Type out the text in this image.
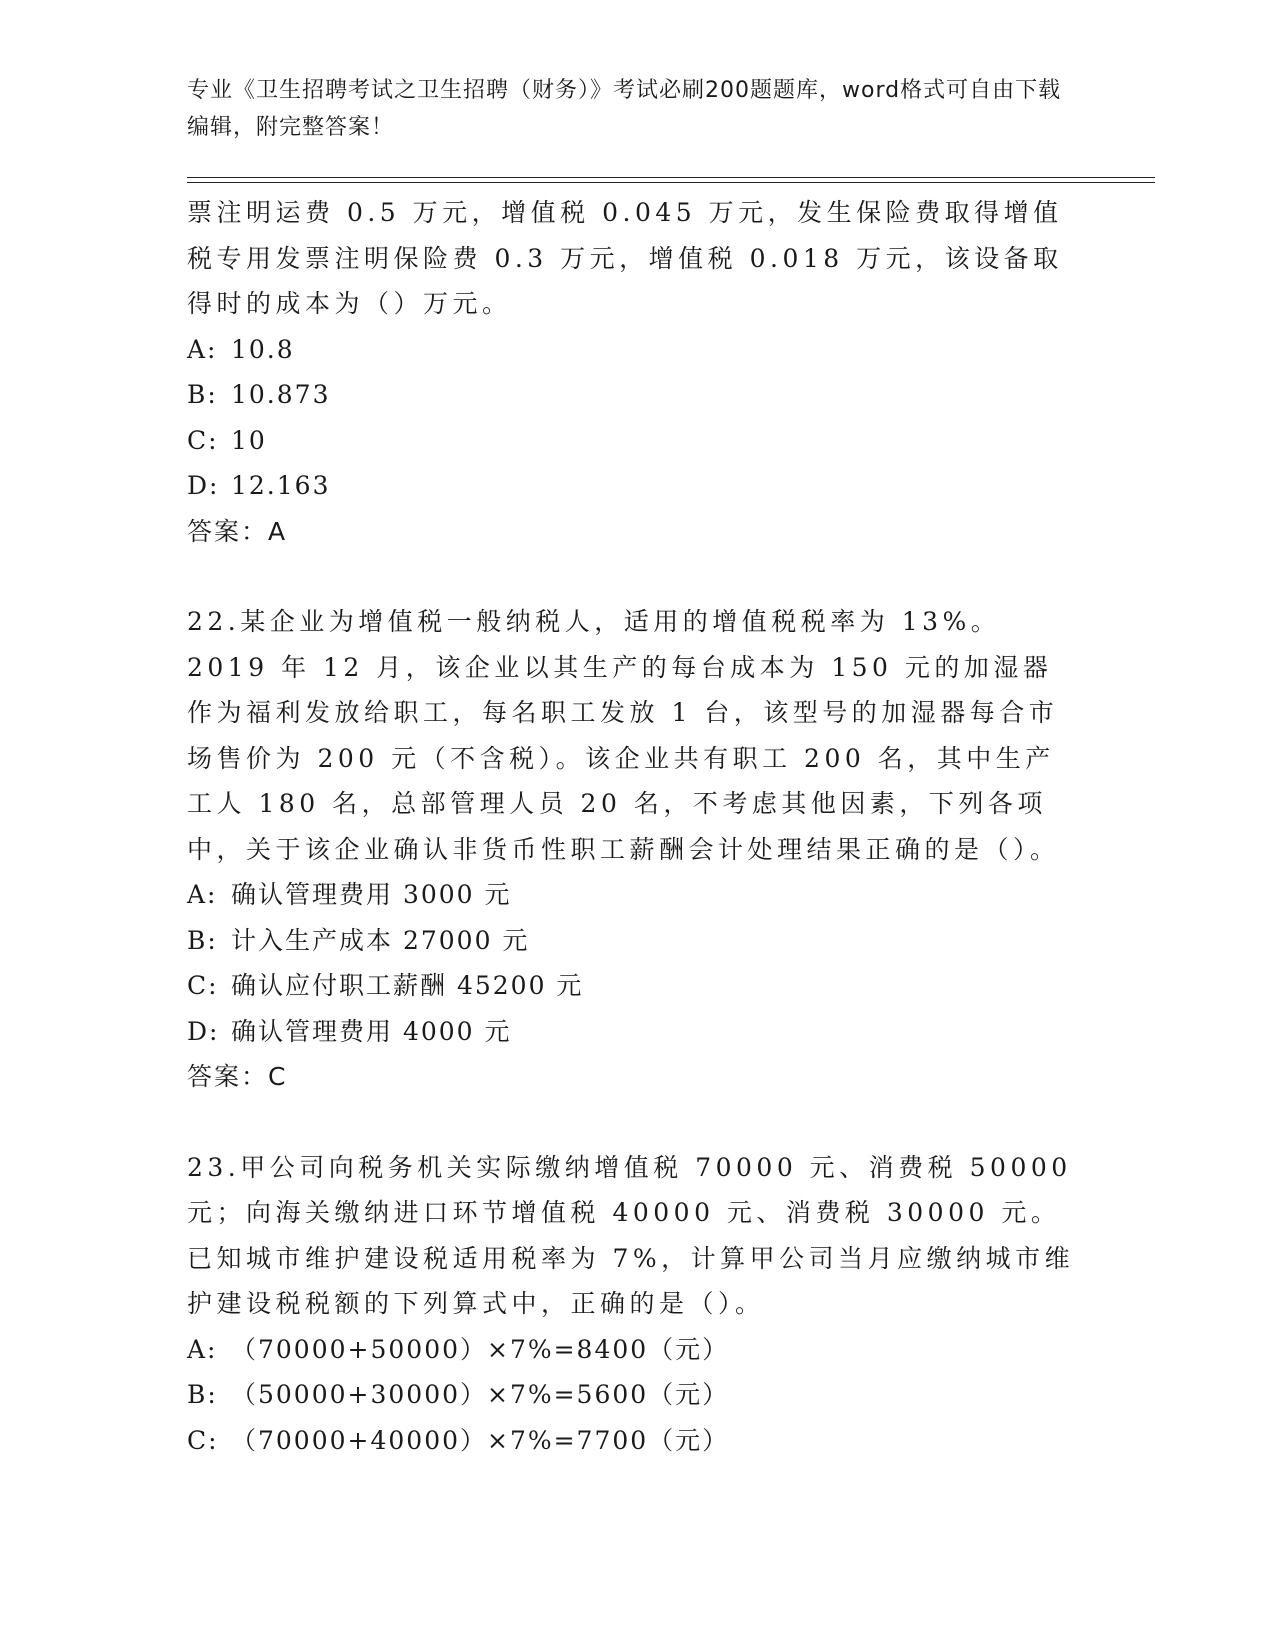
专业《卫生招聘考试之卫生招聘（财务）》考试必刷200题题库，word格式可自由下载编辑，附完整答案！

票注明运费 0.5 万元，增值税 0.045 万元，发生保险费取得增值税专用发票注明保险费 0.3 万元，增值税 0.018 万元，该设备取得时的成本为（）万元。

A: 10.8

B: 10.873

C: 10

D: 12.163

答案：A

22.某企业为增值税一般纳税人，适用的增值税税率为 13%。2019 年 12 月，该企业以其生产的每台成本为 150 元的加湿器作为福利发放给职工，每名职工发放 1 台，该型号的加湿器每合市场售价为 200 元（不含税）。该企业共有职工 200 名，其中生产工人 180 名，总部管理人员 20 名，不考虑其他因素，下列各项中，关于该企业确认非货币性职工薪酬会计处理结果正确的是（）。

A: 确认管理费用 3000 元

B: 计入生产成本 27000 元

C: 确认应付职工薪酬 45200 元

D: 确认管理费用 4000 元

答案：C

23.甲公司向税务机关实际缴纳增值税 70000 元、消费税 50000 元；向海关缴纳进口环节增值税 40000 元、消费税 30000 元。已知城市维护建设税适用税率为 7%，计算甲公司当月应缴纳城市维护建设税税额的下列算式中，正确的是（）。

A: （70000+50000）×7%=8400（元）

B: （50000+30000）×7%=5600（元）

C: （70000+40000）×7%=7700（元）
